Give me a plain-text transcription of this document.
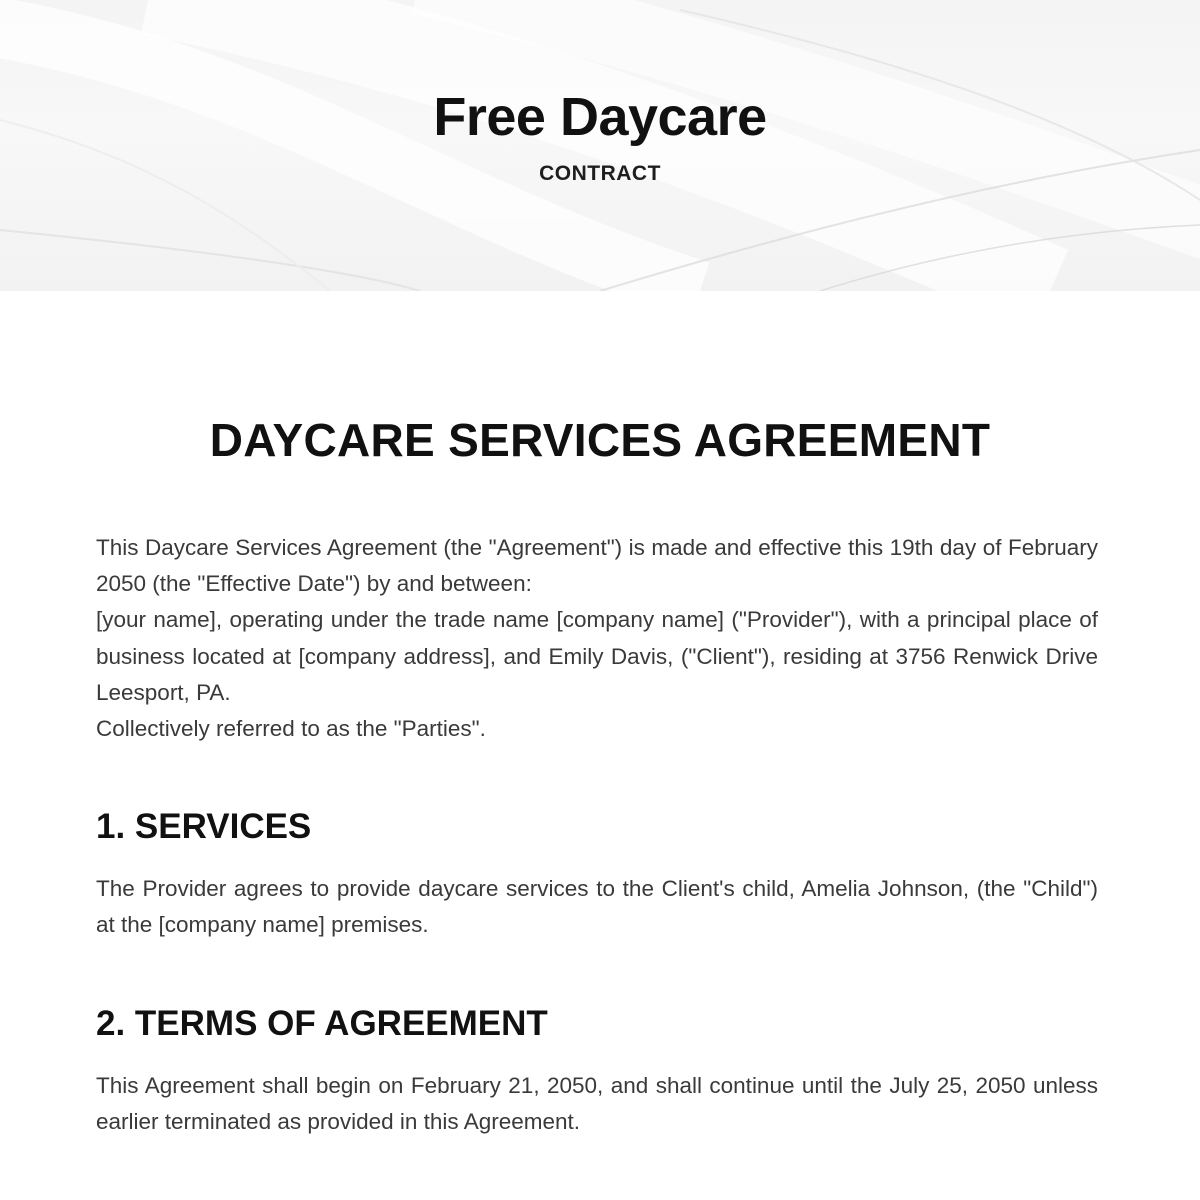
Free Daycare
CONTRACT
DAYCARE SERVICES AGREEMENT

This Daycare Services Agreement (the "Agreement") is made and effective this 19th day of February 2050 (the "Effective Date") by and between:

[your name], operating under the trade name [company name] ("Provider"), with a principal place of business located at [company address], and Emily Davis, ("Client"), residing at 3756 Renwick Drive Leesport, PA.

Collectively referred to as the "Parties".

1. SERVICES

The Provider agrees to provide daycare services to the Client's child, Amelia Johnson, (the "Child") at the [company name] premises.

2. TERMS OF AGREEMENT

This Agreement shall begin on February 21, 2050, and shall continue until the July 25, 2050 unless earlier terminated as provided in this Agreement.
